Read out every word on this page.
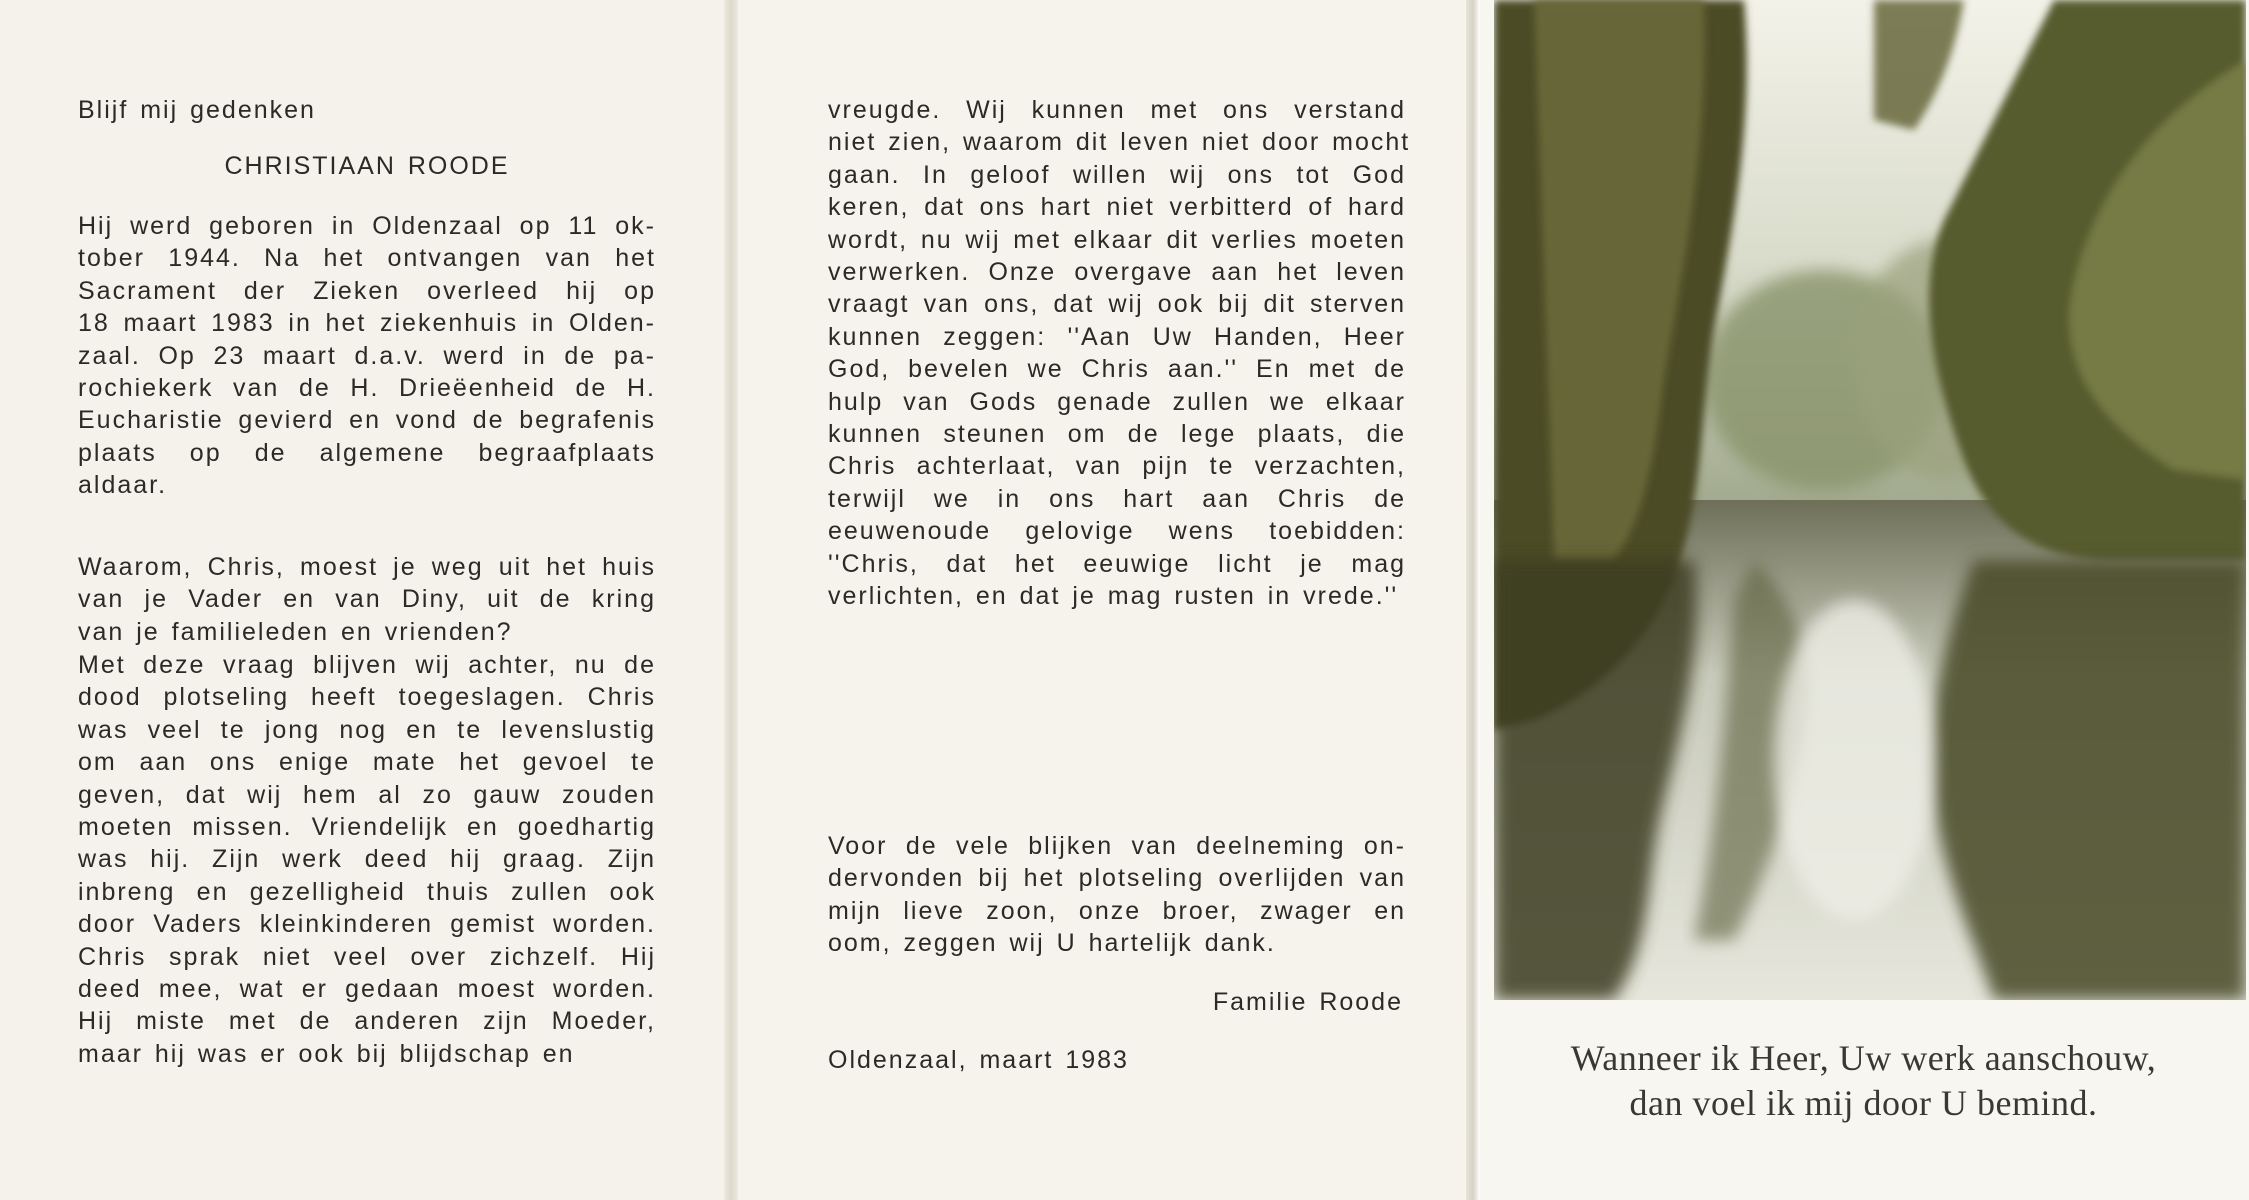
Blijf mij gedenken
CHRISTIAAN ROODE
Hij werd geboren in Oldenzaal op 11 ok-
tober 1944. Na het ontvangen van het
Sacrament der Zieken overleed hij op
18 maart 1983 in het ziekenhuis in Olden-
zaal. Op 23 maart d.a.v. werd in de pa-
rochiekerk van de H. Drieëenheid de H.
Eucharistie gevierd en vond de begrafenis
plaats op de algemene begraafplaats
aldaar.
Waarom, Chris, moest je weg uit het huis
van je Vader en van Diny, uit de kring
van je familieleden en vrienden?
Met deze vraag blijven wij achter, nu de
dood plotseling heeft toegeslagen. Chris
was veel te jong nog en te levenslustig
om aan ons enige mate het gevoel te
geven, dat wij hem al zo gauw zouden
moeten missen. Vriendelijk en goedhartig
was hij. Zijn werk deed hij graag. Zijn
inbreng en gezelligheid thuis zullen ook
door Vaders kleinkinderen gemist worden.
Chris sprak niet veel over zichzelf. Hij
deed mee, wat er gedaan moest worden.
Hij miste met de anderen zijn Moeder,
maar hij was er ook bij blijdschap en
vreugde. Wij kunnen met ons verstand
niet zien, waarom dit leven niet door mocht
gaan. In geloof willen wij ons tot God
keren, dat ons hart niet verbitterd of hard
wordt, nu wij met elkaar dit verlies moeten
verwerken. Onze overgave aan het leven
vraagt van ons, dat wij ook bij dit sterven
kunnen zeggen: ''Aan Uw Handen, Heer
God, bevelen we Chris aan.'' En met de
hulp van Gods genade zullen we elkaar
kunnen steunen om de lege plaats, die
Chris achterlaat, van pijn te verzachten,
terwijl we in ons hart aan Chris de
eeuwenoude gelovige wens toebidden:
''Chris, dat het eeuwige licht je mag
verlichten, en dat je mag rusten in vrede.''
Voor de vele blijken van deelneming on-
dervonden bij het plotseling overlijden van
mijn lieve zoon, onze broer, zwager en
oom, zeggen wij U hartelijk dank.
Familie Roode
Oldenzaal, maart 1983	Wanneer ik Heer, Uw werk aanschouw,
dan voel ik mij door U bemind.
